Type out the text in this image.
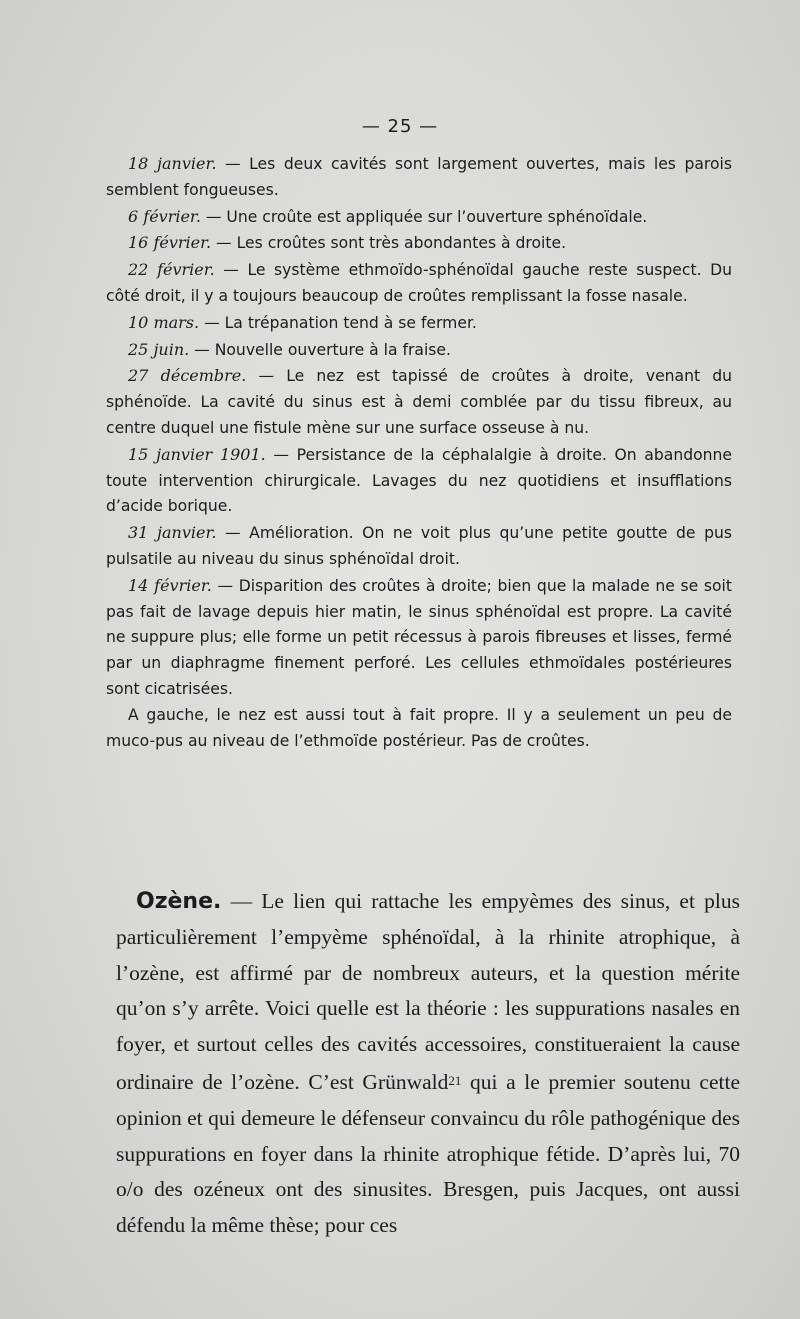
— 25 —

18 janvier. — Les deux cavités sont largement ouvertes, mais les parois semblent fongueuses.

6 février. — Une croûte est appliquée sur l’ouverture sphénoïdale.

16 février. — Les croûtes sont très abondantes à droite.

22 février. — Le système ethmoïdo-sphénoïdal gauche reste suspect. Du côté droit, il y a toujours beaucoup de croûtes remplissant la fosse nasale.

10 mars. — La trépanation tend à se fermer.

25 juin. — Nouvelle ouverture à la fraise.

27 décembre. — Le nez est tapissé de croûtes à droite, venant du sphénoïde. La cavité du sinus est à demi comblée par du tissu fibreux, au centre duquel une fistule mène sur une surface osseuse à nu.

15 janvier 1901. — Persistance de la céphalalgie à droite. On abandonne toute intervention chirurgicale. Lavages du nez quotidiens et insufflations d’acide borique.

31 janvier. — Amélioration. On ne voit plus qu’une petite goutte de pus pulsatile au niveau du sinus sphénoïdal droit.

14 février. — Disparition des croûtes à droite; bien que la malade ne se soit pas fait de lavage depuis hier matin, le sinus sphénoïdal est propre. La cavité ne suppure plus; elle forme un petit récessus à parois fibreuses et lisses, fermé par un diaphragme finement perforé. Les cellules ethmoïdales postérieures sont cicatrisées.

A gauche, le nez est aussi tout à fait propre. Il y a seulement un peu de muco-pus au niveau de l’ethmoïde postérieur. Pas de croûtes.

Ozène. — Le lien qui rattache les empyèmes des sinus, et plus particulièrement l’empyème sphénoïdal, à la rhinite atrophique, à l’ozène, est affirmé par de nombreux auteurs, et la question mérite qu’on s’y arrête. Voici quelle est la théorie : les suppurations nasales en foyer, et surtout celles des cavités accessoires, constitueraient la cause ordinaire de l’ozène. C’est Grünwald$^{21}$ qui a le premier soutenu cette opinion et qui demeure le défenseur convaincu du rôle pathogénique des suppurations en foyer dans la rhinite atrophique fétide. D’après lui, 70 o/o des ozéneux ont des sinusites. Bresgen, puis Jacques, ont aussi défendu la même thèse; pour ces
